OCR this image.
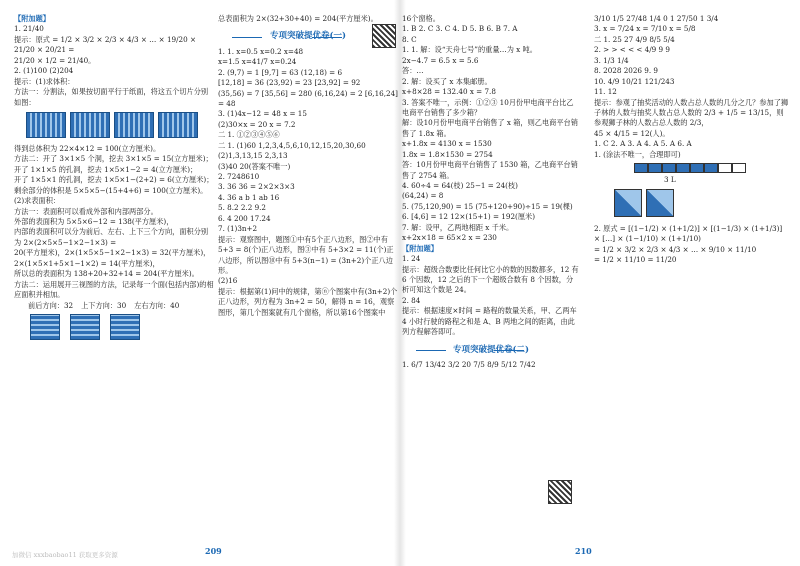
【附加题】
1. 21/40
提示：原式 = 1/2 × 3/2 × 2/3 × 4/3 × … × 19/20 × 21/20 × 20/21 =
21/20 × 1/2 = 21/40。
2. (1)100 (2)204
提示：(1)求体积：
方法一：分割法，如果按切面平行于纸面，将这五个切片分别如图：
得到总体积为 22×4×12 = 100(立方厘米)。
方法二：开了 3×1×5 个洞，挖去 3×1×5 = 15(立方厘米)；
开了 1×1×5 的孔洞，挖去 1×5×1−2 = 4(立方厘米)；
开了 1×5×1 的孔洞，挖去 1×5×1−(2+2) = 6(立方厘米)；
剩余部分的体积是 5×5×5−(15+4+6) = 100(立方厘米)。
(2)求表面积：
方法一：表面积可以看成外部和内部两部分。
外部的表面积为 5×5×6−12 = 138(平方厘米)，
内部的表面积可以分为前后、左右、上下三个方向，面积分别为 2×(2×5×5−1×2−1×3) =
20(平方厘米)，2×(1×5×5−1×2−1×3) = 32(平方厘米)，2×(1×5×1+5×1−1×2) = 14(平方厘米)，
所以总的表面积为 138+20+32+14 = 204(平方厘米)。
方法二：运用展开三视图的方法，记录每一个面(包括内部)的相应面积并相加。
前后方向：32 上下方向：30 左右方向：40
209
加微信 xxxbaobao11 获取更多资源
总表面积为 2×(32+30+40) = 204(平方厘米)。
专项突破提优卷(一)
1. 1. x=0.5 x=0.2 x=48
x=1.5 x=41/7 x=0.24
2. (9,7) = 1 [9,7] = 63 (12,18) = 6
[12,18] = 36 (23,92) = 23 [23,92] = 92
(35,56) = 7 [35,56] = 280 (6,16,24) = 2 [6,16,24] = 48
3. (1)4x−12 = 48 x = 15
(2)30×x = 20 x = 7.2
二 1. ①②③④⑤⑥
二 1. (1)60 1,2,3,4,5,6,10,12,15,20,30,60
(2)1,3,13,15 2,3,13
(3)40 20(答案不唯一)
2. 7248610
3. 36 36 = 2×2×3×3
4. 36 a b 1 ab 16
5. 8.2 2.2 9.2
6. 4 200 17.24
7. (1)3n+2
提示：观察图中，题图①中有5个正八边形，图②中有 5+3 = 8(个)正八边形，图③中有 5+3×2 = 11(个)正八边形，所以图⑩中有 5+3(n−1) = (3n+2)个正八边形。
(2)16
提示：根据第(1)问中的规律，第ⓝ个图案中有(3n+2)个正八边形，列方程为 3n+2 = 50，解得 n = 16，观察图形，第几个图案就有几个窗格，所以第16个图案中
16个窗格。
1. B 2. C 3. C 4. D 5. B 6. B 7. A
8. C
1. 1. 解：设“天舟七号”的重量…为 x 吨。
2x−4.7 = 6.5 x = 5.6
答：…
2. 解：设买了 x 本集邮册。
x+8×28 = 132.40 x = 7.8
3. 答案不唯一，示例：①②③ 10月份甲电商平台比乙电商平台销售了多少箱？
解：设10月份甲电商平台销售了 x 箱，则乙电商平台销售了 1.8x 箱。
x+1.8x = 4130 x = 1530
1.8x = 1.8×1530 = 2754
答：10月份甲电商平台销售了 1530 箱，乙电商平台销售了 2754 箱。
4. 60÷4 = 64(枝) 25−1 = 24(枝)
(64,24) = 8
5. (75,120,90) = 15 (75+120+90)÷15 = 19(棵)
6. [4,6] = 12 12×(15+1) = 192(厘米)
7. 解：设甲，乙两地相距 x 千米。
x+2x×18 = 65×2 x = 230
【附加题】
1. 24
提示：超级合数要比任何比它小的数的因数都多，12 有 6 个因数，12 之后的下一个超级合数有 8 个因数，分析可知这个数是 24。
2. 84
提示：根据速度×时间 = 路程的数量关系，甲、乙两车 4 小时行驶的路程之和是 A、B 两地之间的距离，由此列方程解答即可。
专项突破提优卷(二)
1. 6/7 13/42 3/2 20 7/5 8/9 5/12 7/42
210
3/10 1/5 27/48 1/4 0 1 27/50 1 3/4
3. x = 7/24 x = 7/10 x = 5/8
二 1. 25 27 4/9 8/5 5/4
2. > > < < < 4/9 9 9
3. 1/3 1/4
8. 2028 2026 9. 9
10. 4/9 10/21 121/243
11. 12
提示：参观了抽奖活动的人数占总人数的几分之几？参加了狮子林的人数与抽奖人数占总人数的 2/3 + 1/5 = 13/15，则参观狮子林的人数占总人数的 2/3，
45 × 4/15 = 12(人)。
1. C 2. A 3. A 4. A 5. A 6. A
1. (涂法不唯一，合理即可)
3 L
2. 原式 = [(1−1/2) × (1+1/2)] × [(1−1/3) × (1+1/3)] × […] × (1−1/10) × (1+1/10)
= 1/2 × 3/2 × 2/3 × 4/3 × … × 9/10 × 11/10
= 1/2 × 11/10 = 11/20
